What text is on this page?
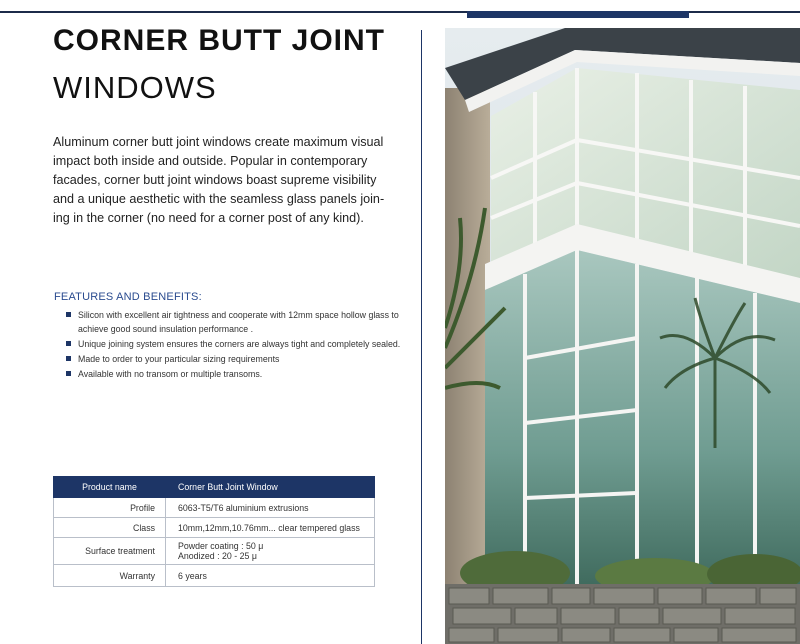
CORNER BUTT JOINT
WINDOWS

Aluminum corner butt joint windows create maximum visual impact both inside and outside. Popular in contemporary facades, corner butt joint windows boast supreme visibility and a unique aesthetic with the seamless glass panels join-ing in the corner (no need for a corner post of any kind).

FEATURES AND BENEFITS:
Silicon with excellent air tightness and cooperate with 12mm space hollow glass to achieve good sound insulation performance .
Unique joining system ensures the corners are always tight and completely sealed.
Made to order to your particular sizing requirements
Available with no transom or multiple transoms.
Product name	Corner Butt Joint Window
Profile	6063-T5/T6 aluminium extrusions
Class	10mm,12mm,10.76mm... clear tempered glass
Surface treatment	Powder coating : 50 μ
Anodized : 20 - 25 μ

Warranty	6 years
